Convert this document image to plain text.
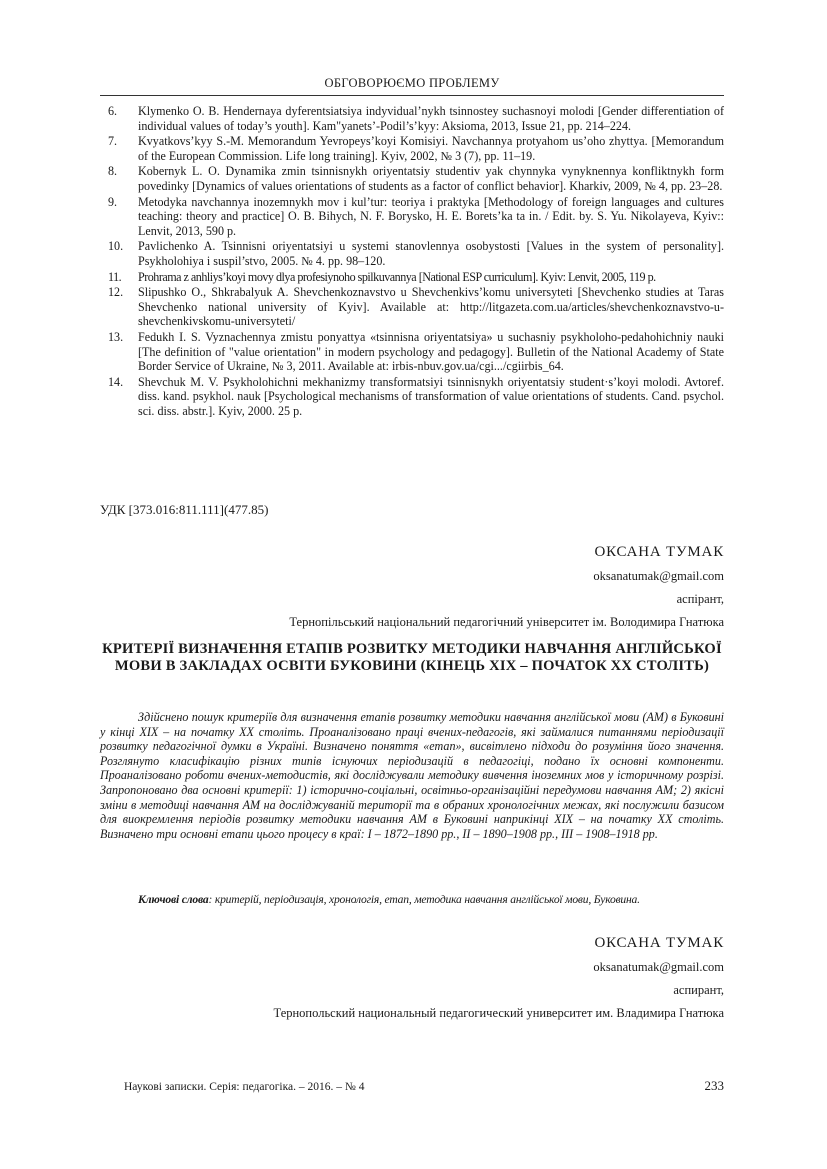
ОБГОВОРЮЄМО ПРОБЛЕМУ
6. Klymenko O. B. Hendernaya dyferentsiatsiya indyvidual’nykh tsinnostey suchasnoyi molodi [Gender differentiation of individual values of today’s youth]. Kam"yanets’-Podil’s’kyy: Aksioma, 2013, Issue 21, pp. 214–224.
7. Kvyatkovs’kyy S.-M. Memorandum Yevropeys’koyi Komisiyi. Navchannya protyahom us’oho zhyttya. [Memorandum of the European Commission. Life long training]. Kyiv, 2002, № 3 (7), pp. 11–19.
8. Kobernyk L. O. Dynamika zmin tsinnisnykh oriyentatsiy studentiv yak chynnyka vynyknennya konfliktnykh form povedinky [Dynamics of values orientations of students as a factor of conflict behavior]. Kharkiv, 2009, № 4, pp. 23–28.
9. Metodyka navchannya inozemnykh mov i kul’tur: teoriya i praktyka [Methodology of foreign languages and cultures teaching: theory and practice] O. B. Bihych, N. F. Borysko, H. E. Borets’ka ta in. / Edit. by. S. Yu. Nikolayeva, Kyiv:: Lenvit, 2013, 590 p.
10. Pavlichenko A. Tsinnisni oriyentatsiyi u systemi stanovlennya osobystosti [Values in the system of personality]. Psykholohiya i suspil’stvo, 2005. № 4. pp. 98–120.
11. Prohrama z anhliys’koyi movy dlya profesiynoho spilkuvannya [National ESP curriculum]. Kyiv: Lenvit, 2005, 119 p.
12. Slipushko O., Shkrabalyuk A. Shevchenkoznavstvo u Shevchenkivs’komu universyteti [Shevchenko studies at Taras Shevchenko national university of Kyiv]. Available at: http://litgazeta.com.ua/articles/shevchenkoznavstvo-u-shevchenkivskomu-universyteti/
13. Fedukh I. S. Vyznachennya zmistu ponyattya «tsinnisna oriyentatsiya» u suchasniy psykholoho-pedahohichniy nauki [The definition of "value orientation" in modern psychology and pedagogy]. Bulletin of the National Academy of State Border Service of Ukraine, № 3, 2011. Available at: irbis-nbuv.gov.ua/cgi.../cgiirbis_64.
14. Shevchuk M. V. Psykholohichni mekhanizmy transformatsiyi tsinnisnykh oriyentatsiy student·s’koyi molodi. Avtoref. diss. kand. psykhol. nauk [Psychological mechanisms of transformation of value orientations of students. Cand. psychol. sci. diss. abstr.]. Kyiv, 2000. 25 p.
УДК [373.016:811.111](477.85)
ОКСАНА ТУМАК
oksanatumak@gmail.com
аспірант,
Тернопільський національний педагогічний університет ім. Володимира Гнатюка
КРИТЕРІЇ ВИЗНАЧЕННЯ ЕТАПІВ РОЗВИТКУ МЕТОДИКИ НАВЧАННЯ АНГЛІЙСЬКОЇ МОВИ В ЗАКЛАДАХ ОСВІТИ БУКОВИНИ (КІНЕЦЬ ХІХ – ПОЧАТОК ХХ СТОЛІТЬ)

Здійснено пошук критеріїв для визначення етапів розвитку методики навчання англійської мови (АМ) в Буковині у кінці ХІХ – на початку ХХ століть. Проаналізовано праці вчених-педагогів, які займалися питаннями періодизації розвитку педагогічної думки в Україні. Визначено поняття «етап», висвітлено підходи до розуміння його значення. Розглянуто класифікацію різних типів існуючих періодизацій в педагогіці, подано їх основні компоненти. Проаналізовано роботи вчених-методистів, які досліджували методику вивчення іноземних мов у історичному розрізі. Запропоновано два основні критерії: 1) історично-соціальні, освітньо-організаційні передумови навчання АМ; 2) якісні зміни в методиці навчання АМ на досліджуваній території та в обраних хронологічних межах, які послужили базисом для виокремлення періодів розвитку методики навчання АМ в Буковині наприкінці ХІХ – на початку ХХ століть. Визначено три основні етапи цього процесу в краї: І – 1872–1890 рр., ІІ – 1890–1908 рр., ІІІ – 1908–1918 рр.

Ключові слова: критерій, періодизація, хронологія, етап, методика навчання англійської мови, Буковина.

ОКСАНА ТУМАК
oksanatumak@gmail.com
аспирант,
Тернопольский национальный педагогический университет им. Владимира Гнатюка
Наукові записки. Серія: педагогіка. – 2016. – № 4	233
